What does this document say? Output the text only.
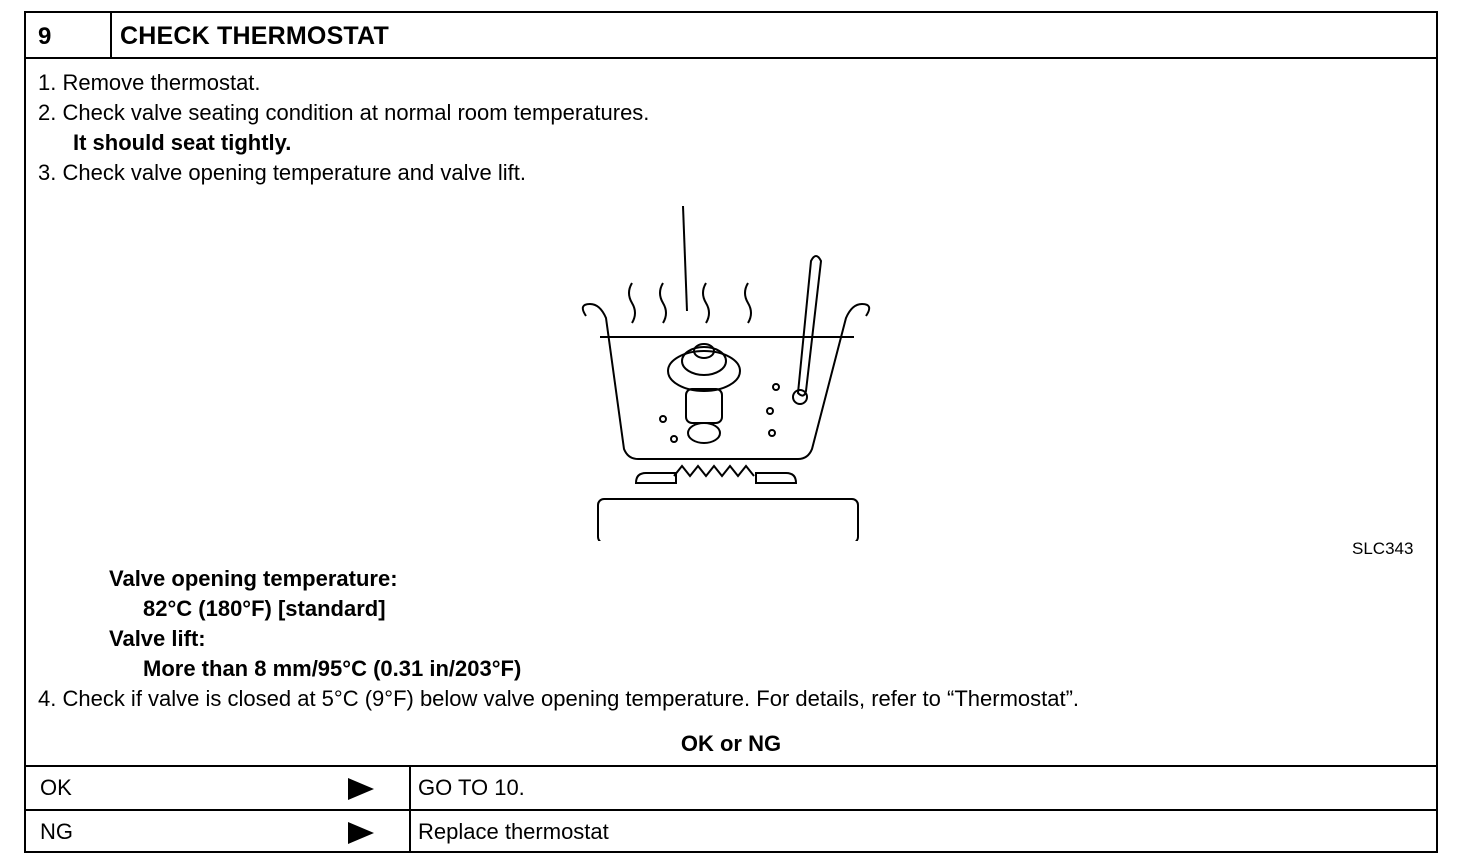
9	CHECK THERMOSTAT
1. Remove thermostat.
2. Check valve seating condition at normal room temperatures.
It should seat tightly.
3. Check valve opening temperature and valve lift.
SLC343
Valve opening temperature:
82°C (180°F) [standard]
Valve lift:
More than 8 mm/95°C (0.31 in/203°F)
4. Check if valve is closed at 5°C (9°F) below valve opening temperature. For details, refer to “Thermostat”.
OK or NG
OK	GO TO 10.
NG	Replace thermostat
